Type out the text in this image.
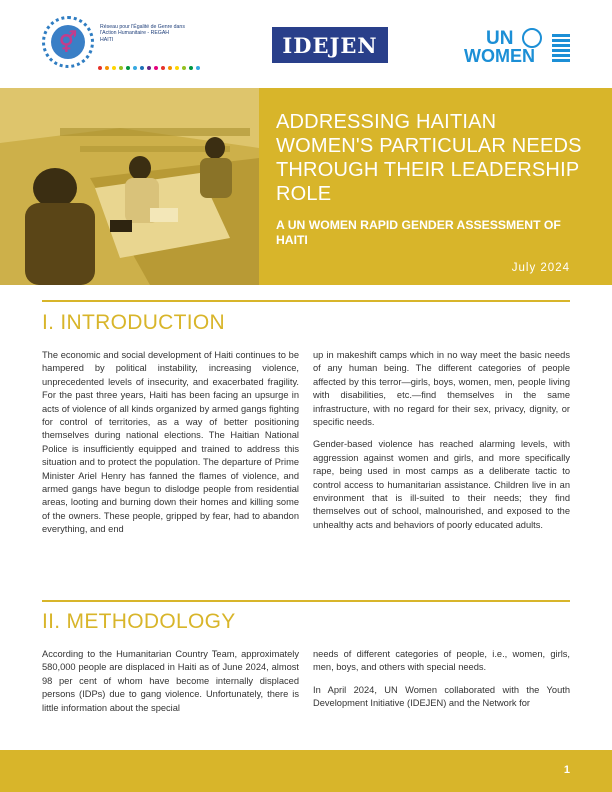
⚥
Réseau pour l'Égalité de Genre dans
l'Action Humanitaire - REGAH
HAITI	IDEJEN	UN
WOMEN
ADDRESSING HAITIAN WOMEN'S PARTICULAR NEEDS THROUGH THEIR LEADERSHIP ROLE
A UN WOMEN RAPID GENDER ASSESSMENT OF HAITI
July 2024
I. INTRODUCTION

The economic and social development of Haiti continues to be hampered by political instability, increasing violence, unprecedented levels of insecurity, and exacerbated fragility. For the past three years, Haiti has been facing an upsurge in acts of violence of all kinds organized by armed gangs fighting for control of territories, as a way of better positioning themselves during national elections. The Haitian National Police is insufficiently equipped and trained to address this situation and to protect the population. The departure of Prime Minister Ariel Henry has fanned the flames of violence, and armed gangs have begun to dislodge people from residential areas, looting and burning down their homes and killing some of the owners. These people, gripped by fear, had to abandon everything, and end

up in makeshift camps which in no way meet the basic needs of any human being. The different categories of people affected by this terror—girls, boys, women, men, people living with disabilities, etc.—find themselves in the same infrastructure, with no regard for their sex, privacy, dignity, or specific needs.

Gender-based violence has reached alarming levels, with aggression against women and girls, and more specifically rape, being used in most camps as a deliberate tactic to control access to humanitarian assistance. Children live in an environment that is ill-suited to their needs; they find themselves out of school, malnourished, and exposed to the unhealthy acts and behaviors of poorly educated adults.

II. METHODOLOGY

According to the Humanitarian Country Team, approximately 580,000 people are displaced in Haiti as of June 2024, almost 98 per cent of whom have become internally displaced persons (IDPs) due to gang violence. Unfortunately, there is little information about the special

needs of different categories of people, i.e., women, girls, men, boys, and others with special needs.

In April 2024, UN Women collaborated with the Youth Development Initiative (IDEJEN) and the Network for

1
